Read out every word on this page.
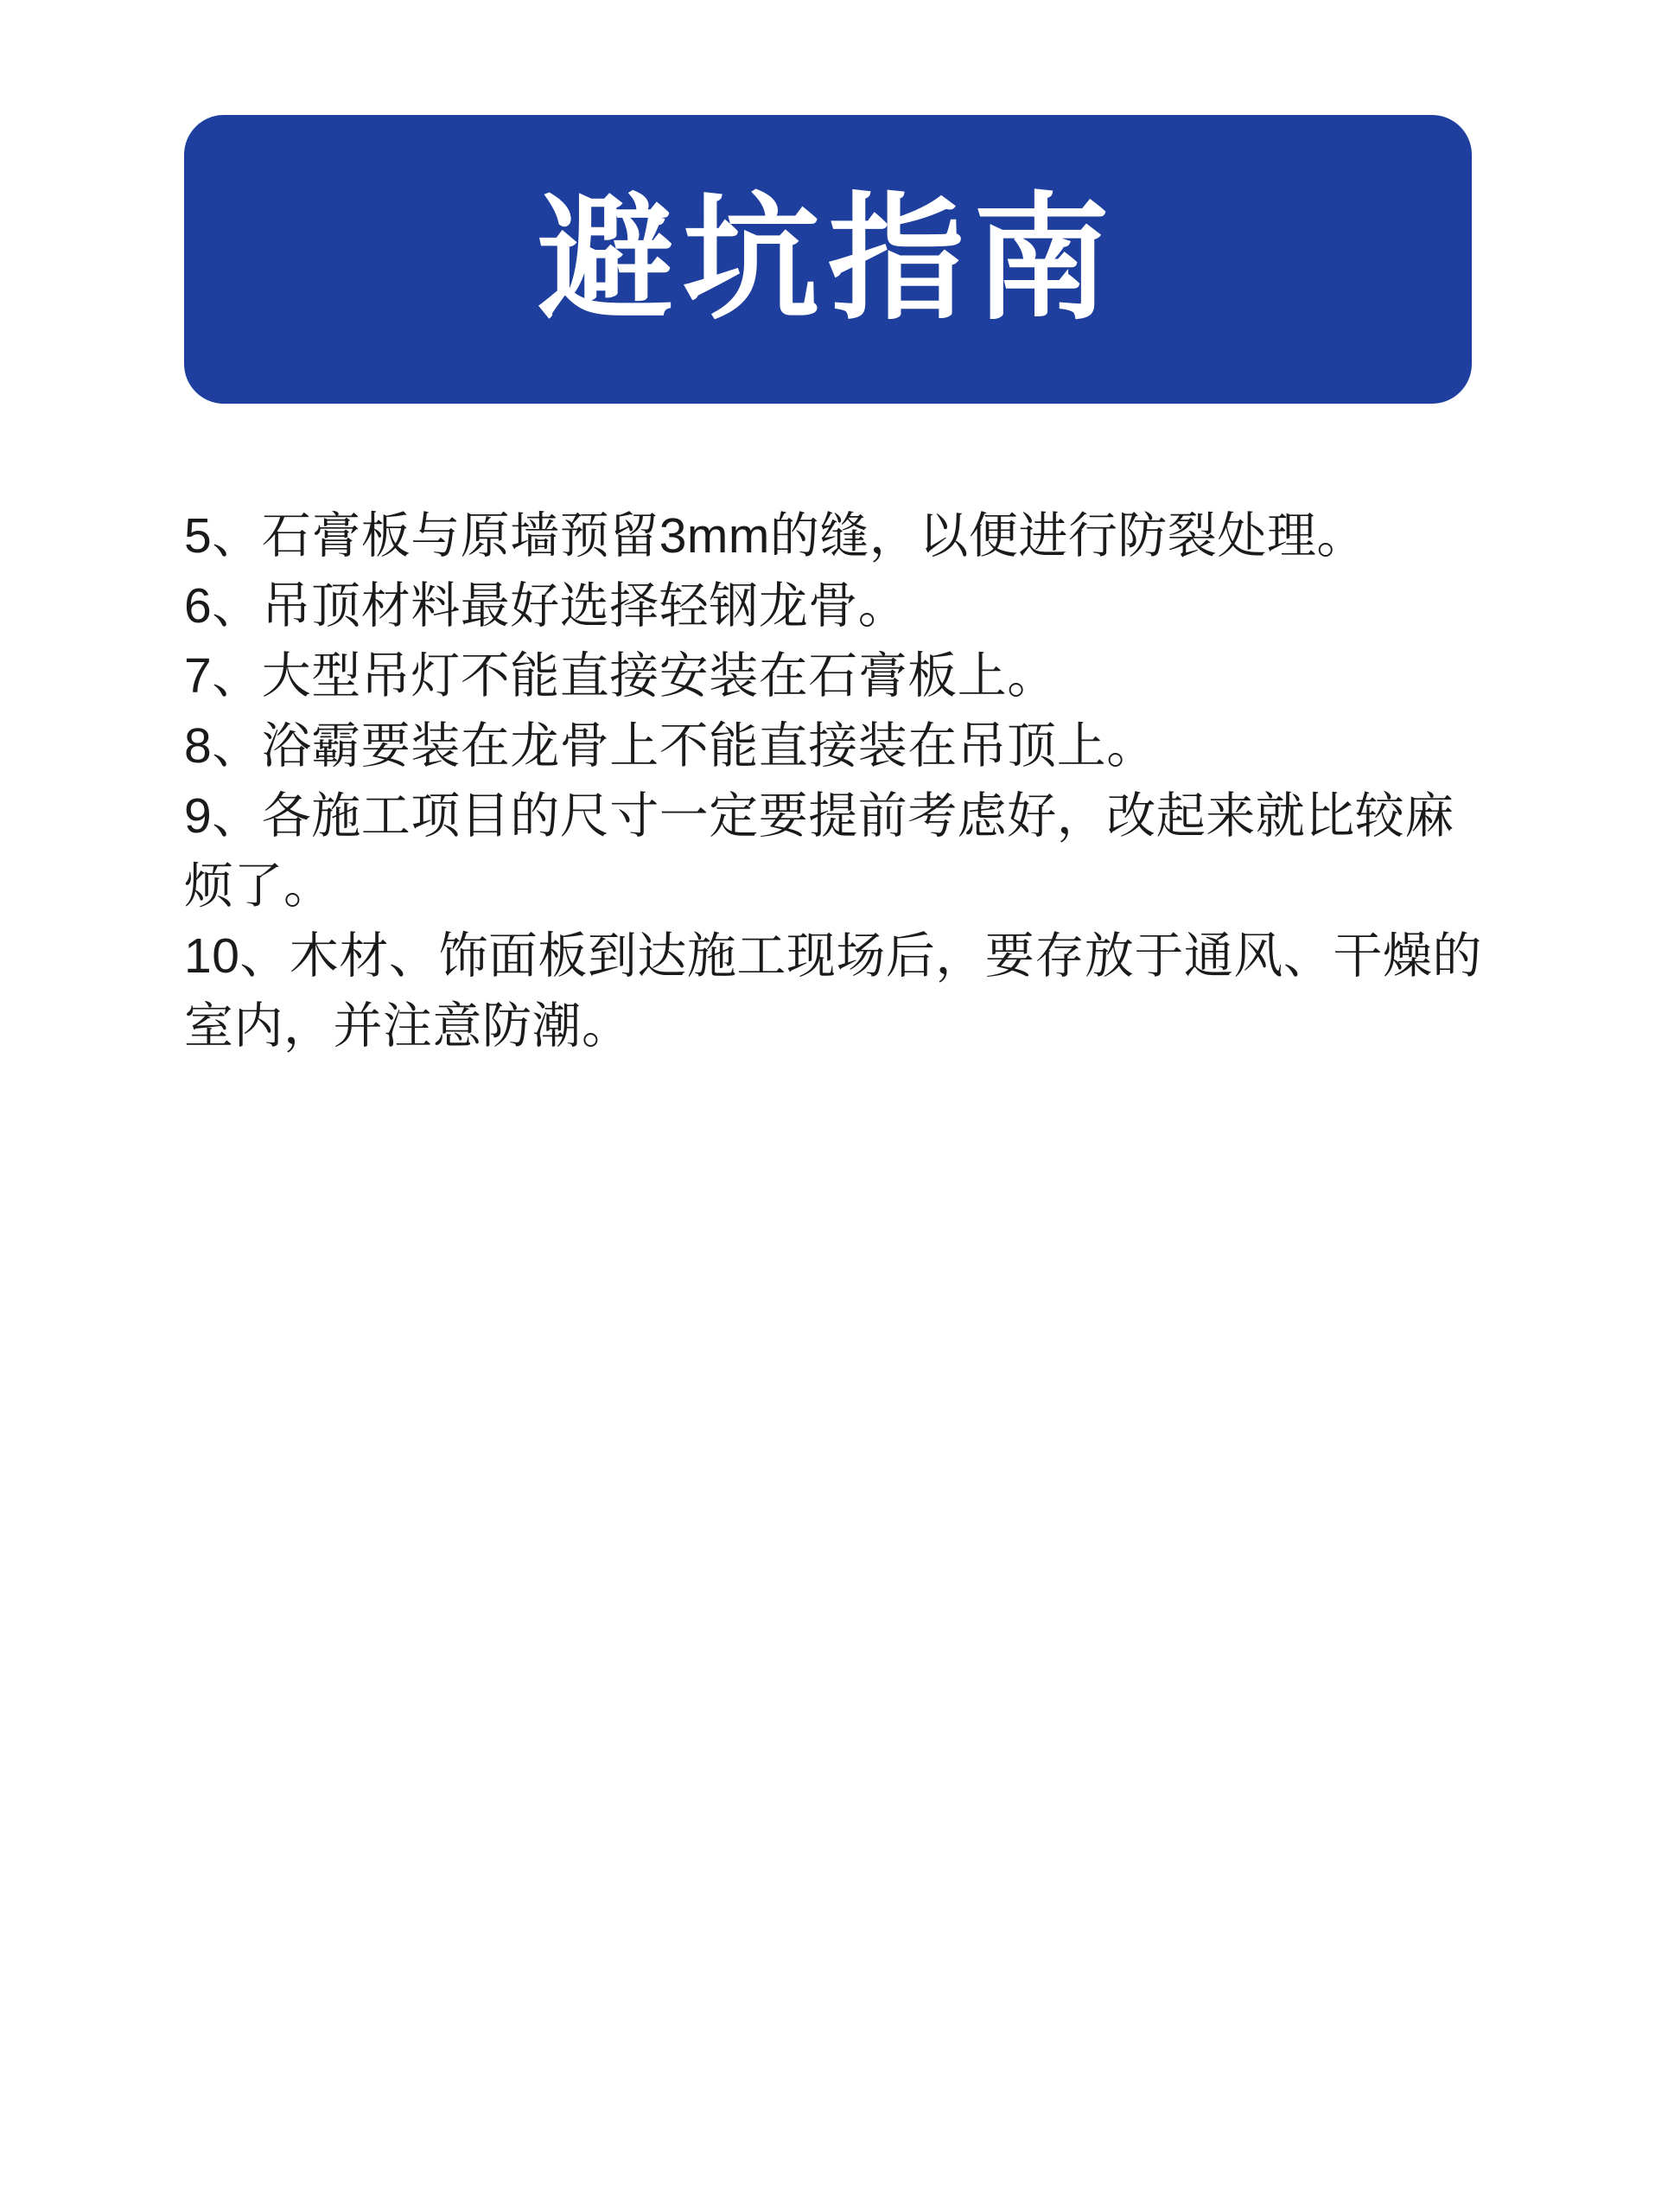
避坑指南
5、石膏板与原墙预留3mm的缝，以便进行防裂处理。
6、吊顶材料最好选择轻钢龙骨。
7、大型吊灯不能直接安装在石膏板上。
8、浴霸要装在龙骨上不能直接装在吊顶上。
9、各施工项目的尺寸一定要提前考虑好，改起来就比较麻烦了。
10、木材、饰面板到达施工现场后，要存放于通风、干燥的室内，并注意防潮。
